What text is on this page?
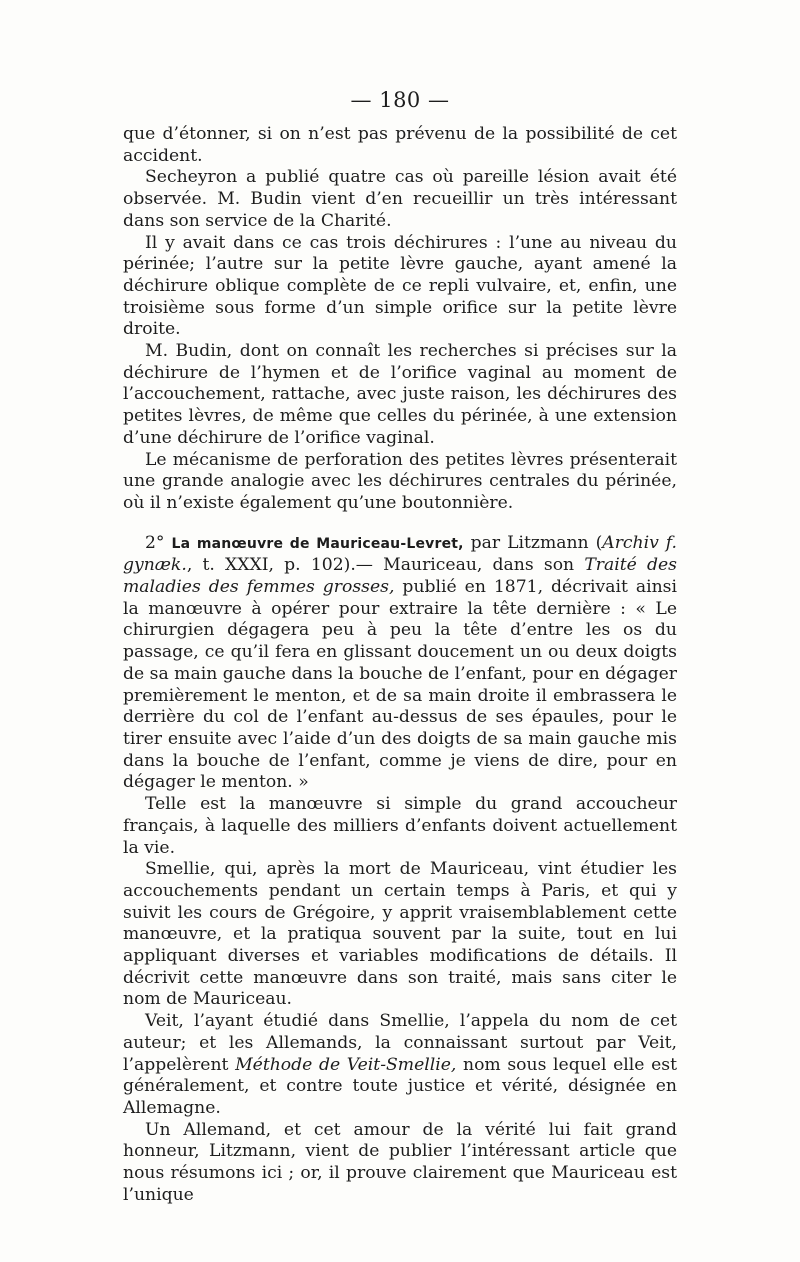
— 180 —

que d’étonner, si on n’est pas prévenu de la possibilité de cet accident.

Secheyron a publié quatre cas où pareille lésion avait été observée. M. Budin vient d’en recueillir un très intéressant dans son service de la Charité.

Il y avait dans ce cas trois déchirures : l’une au niveau du périnée; l’autre sur la petite lèvre gauche, ayant amené la déchirure oblique complète de ce repli vulvaire, et, enfin, une troisième sous forme d’un simple orifice sur la petite lèvre droite.

M. Budin, dont on connaît les recherches si précises sur la déchirure de l’hymen et de l’orifice vaginal au moment de l’accouchement, rattache, avec juste raison, les déchirures des petites lèvres, de même que celles du périnée, à une extension d’une déchirure de l’orifice vaginal.

Le mécanisme de perforation des petites lèvres présenterait une grande analogie avec les déchirures centrales du périnée, où il n’existe également qu’une boutonnière.

2° La manœuvre de Mauriceau-Levret, par Litzmann (Archiv f. gynæk., t. XXXI, p. 102).— Mauriceau, dans son Traité des maladies des femmes grosses, publié en 1871, décrivait ainsi la manœuvre à opérer pour extraire la tête dernière : « Le chirurgien dégagera peu à peu la tête d’entre les os du passage, ce qu’il fera en glissant doucement un ou deux doigts de sa main gauche dans la bouche de l’enfant, pour en dégager premièrement le menton, et de sa main droite il embrassera le derrière du col de l’enfant au-dessus de ses épaules, pour le tirer ensuite avec l’aide d’un des doigts de sa main gauche mis dans la bouche de l’enfant, comme je viens de dire, pour en dégager le menton. »

Telle est la manœuvre si simple du grand accoucheur français, à laquelle des milliers d’enfants doivent actuellement la vie.

Smellie, qui, après la mort de Mauriceau, vint étudier les accouchements pendant un certain temps à Paris, et qui y suivit les cours de Grégoire, y apprit vraisemblablement cette manœuvre, et la pratiqua souvent par la suite, tout en lui appliquant diverses et variables modifications de détails. Il décrivit cette manœuvre dans son traité, mais sans citer le nom de Mauriceau.

Veit, l’ayant étudié dans Smellie, l’appela du nom de cet auteur; et les Allemands, la connaissant surtout par Veit, l’appelèrent Méthode de Veit-Smellie, nom sous lequel elle est généralement, et contre toute justice et vérité, désignée en Allemagne.

Un Allemand, et cet amour de la vérité lui fait grand honneur, Litzmann, vient de publier l’intéressant article que nous résumons ici ; or, il prouve clairement que Mauriceau est l’unique
